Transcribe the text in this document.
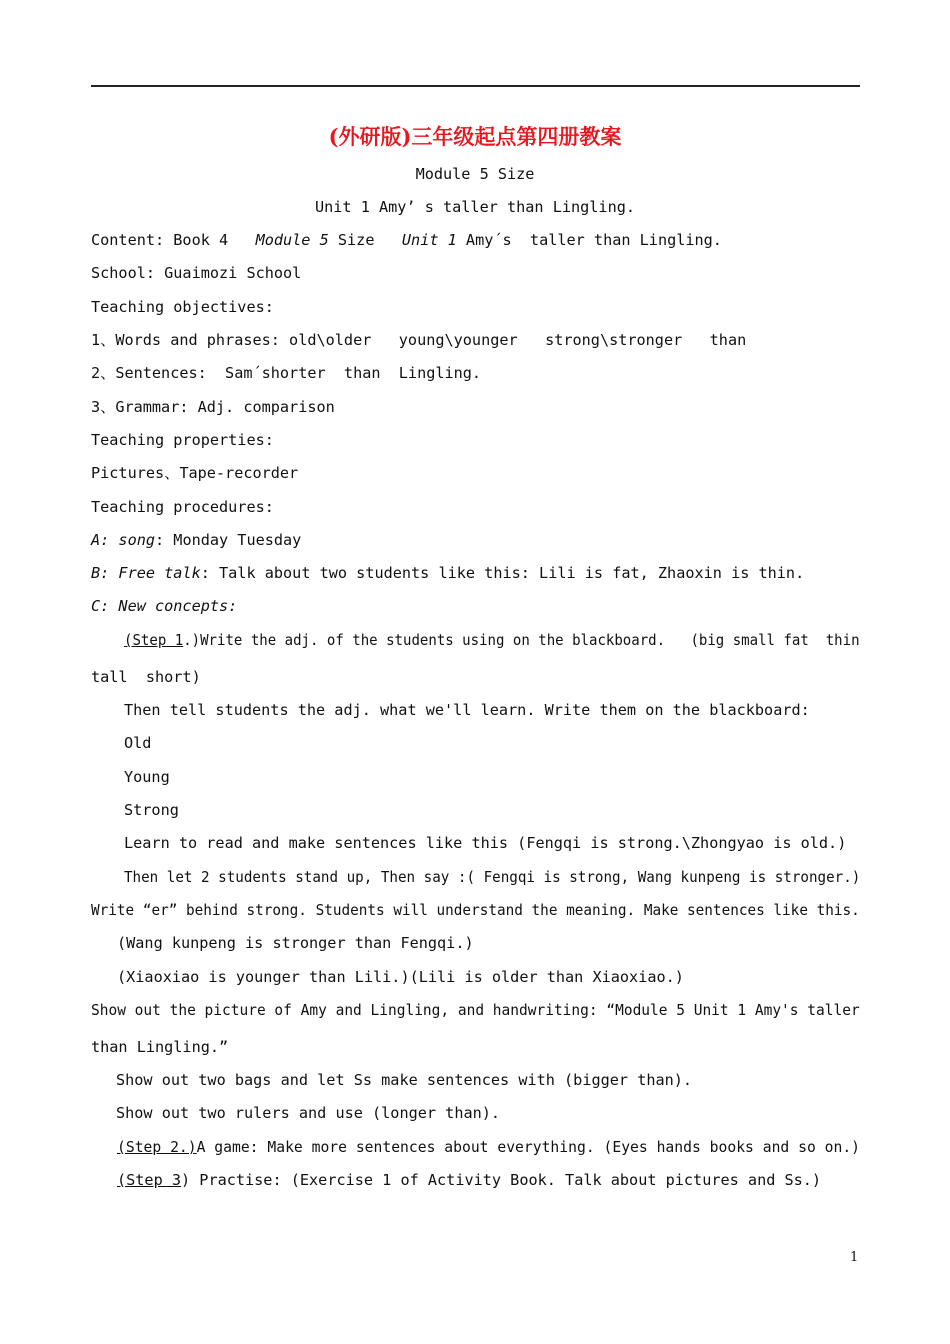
(外研版)三年级起点第四册教案
Module 5 Size
Unit 1 Amy’ s taller than Lingling.
Content: Book 4   Module 5 Size   Unit 1 Amy´s  taller than Lingling.
School: Guaimozi School
Teaching objectives:
1、Words and phrases: old\older   young\younger   strong\stronger   than
2、Sentences:  Sam´shorter  than  Lingling.
3、Grammar: Adj. comparison
Teaching properties:
Pictures、Tape-recorder
Teaching procedures:
A: song: Monday Tuesday
B: Free talk: Talk about two students like this: Lili is fat, Zhaoxin is thin.
C: New concepts:
(Step 1.)Write the adj. of the students using on the blackboard.   (big small fat  thin
tall  short)
Then tell students the adj. what we'll learn. Write them on the blackboard:
Old
Young
Strong
Learn to read and make sentences like this (Fengqi is strong.\Zhongyao is old.)
Then let 2 students stand up, Then say :( Fengqi is strong, Wang kunpeng is stronger.)
Write “er” behind strong. Students will understand the meaning. Make sentences like this.
(Wang kunpeng is stronger than Fengqi.)
(Xiaoxiao is younger than Lili.)(Lili is older than Xiaoxiao.)
Show out the picture of Amy and Lingling, and handwriting: “Module 5 Unit 1 Amy's taller
than Lingling.”
Show out two bags and let Ss make sentences with (bigger than).
Show out two rulers and use (longer than).
(Step 2.)A game: Make more sentences about everything. (Eyes hands books and so on.)
(Step 3) Practise: (Exercise 1 of Activity Book. Talk about pictures and Ss.)
1
